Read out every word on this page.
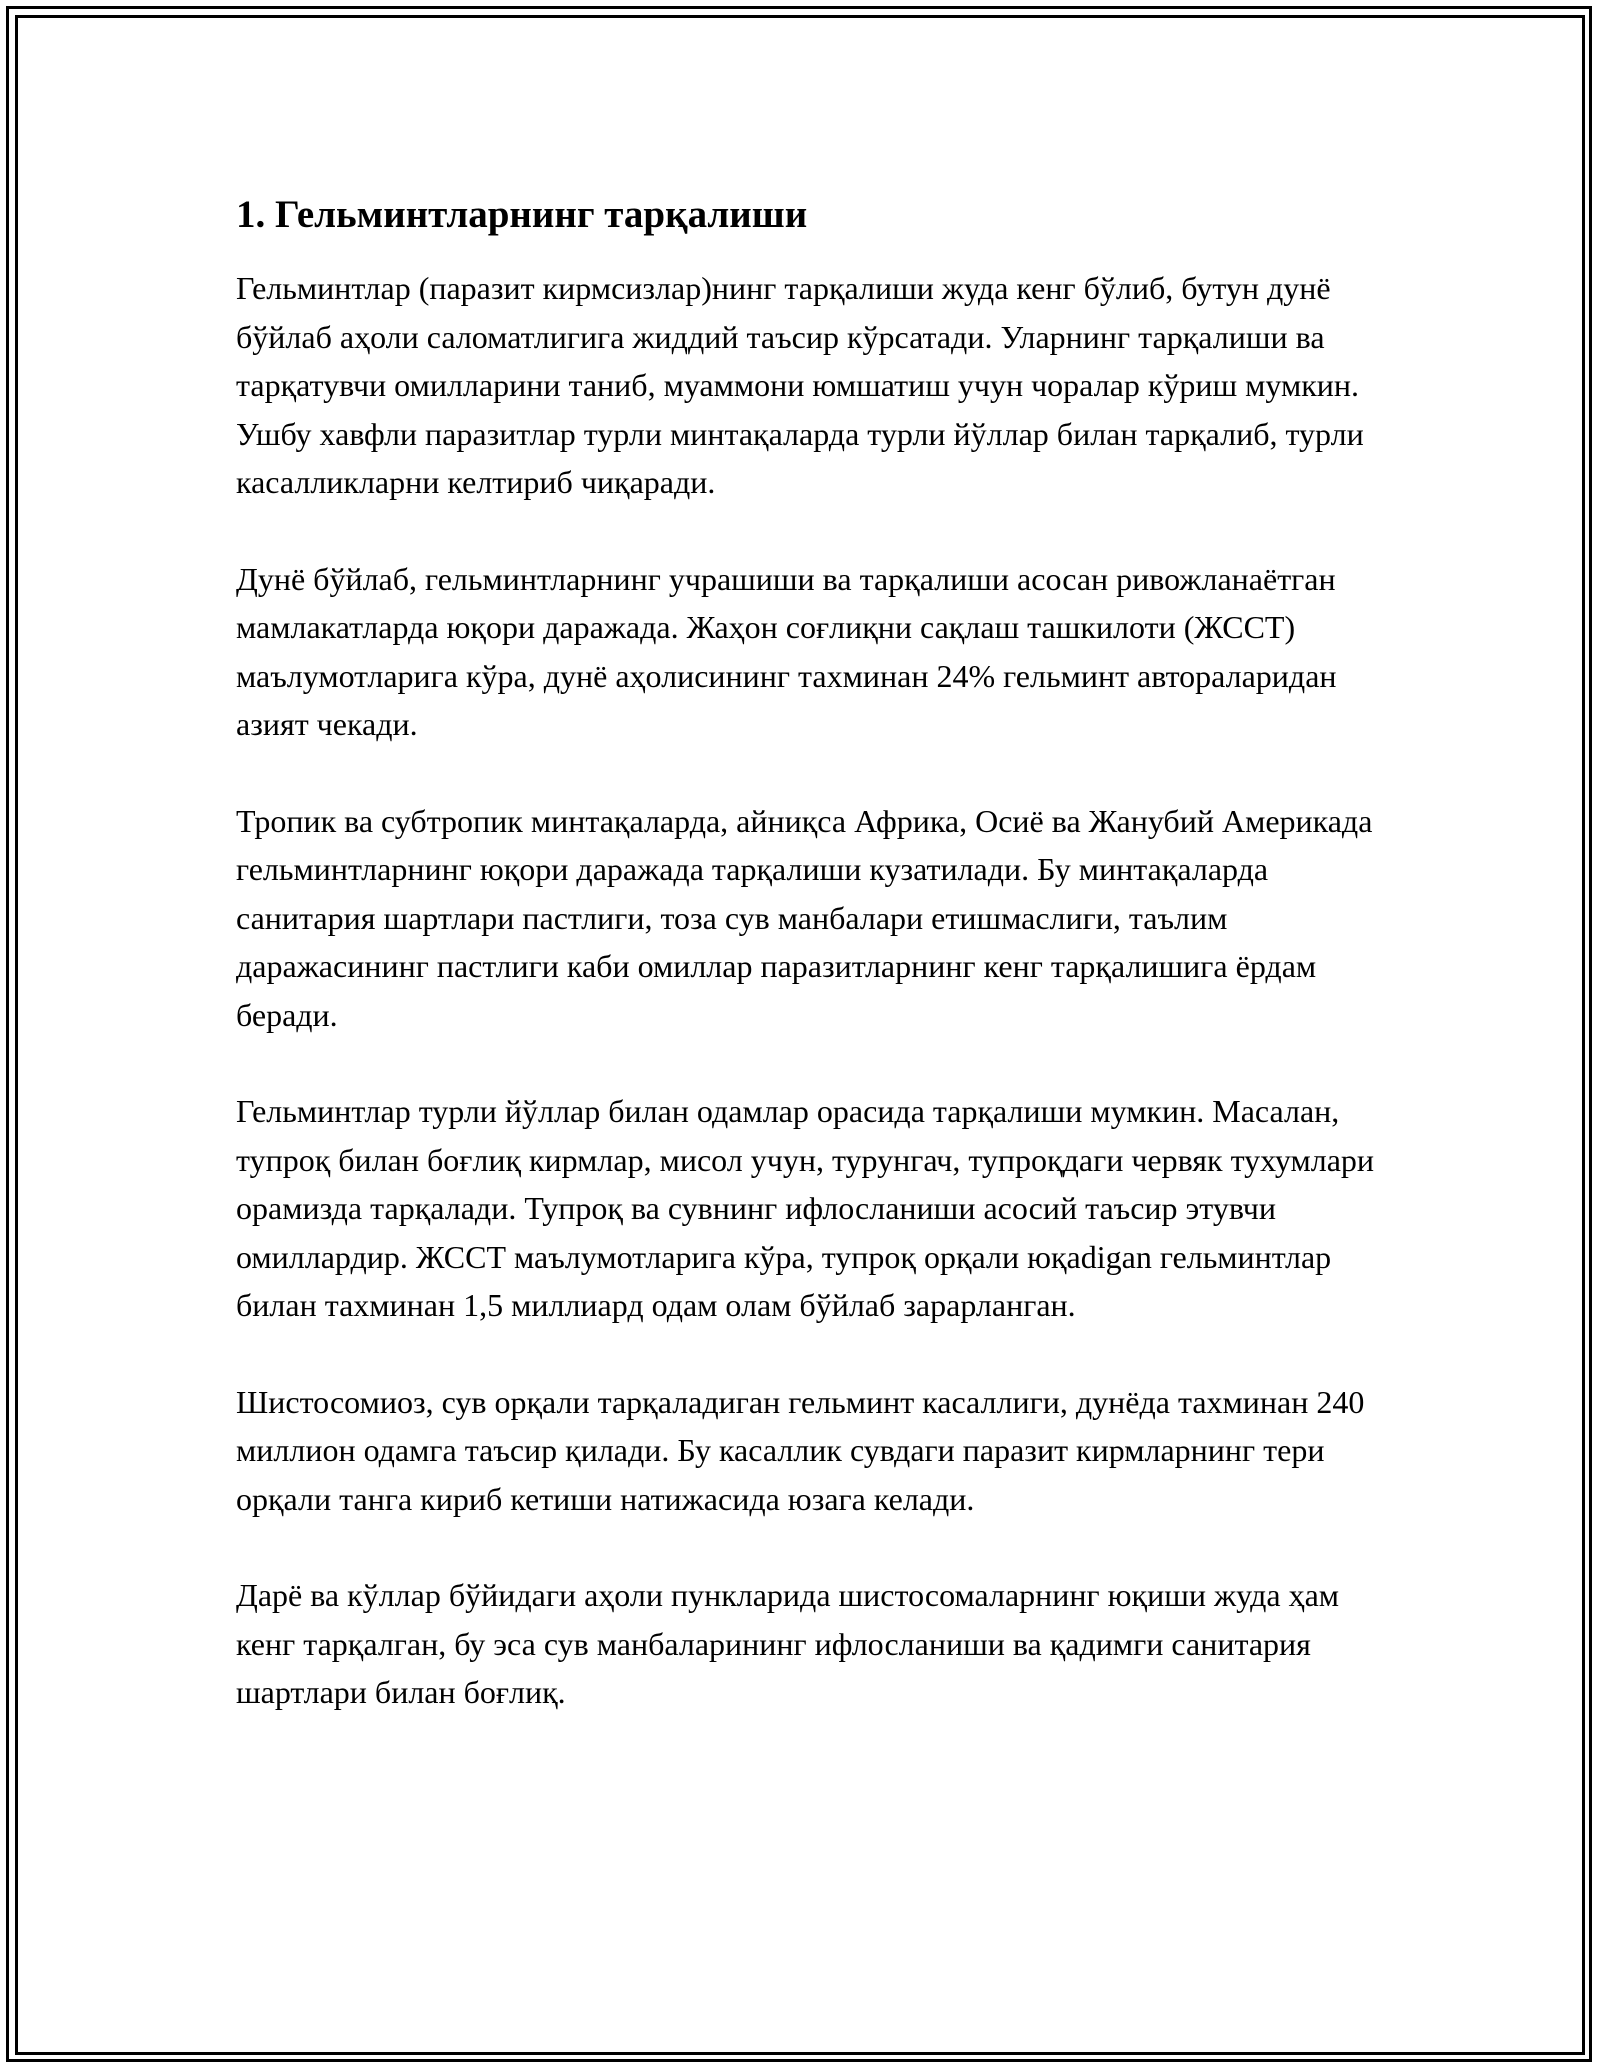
1. Гельминтларнинг тарқалиши

Гельминтлар (паразит кирмсизлар)нинг тарқалиши жуда кенг бўлиб, бутун дунё бўйлаб аҳоли саломатлигига жиддий таъсир кўрсатади. Уларнинг тарқалиши ва тарқатувчи омилларини таниб, муаммони юмшатиш учун чоралар кўриш мумкин. Ушбу хавфли паразитлар турли минтақаларда турли йўллар билан тарқалиб, турли касалликларни келтириб чиқаради.

Дунё бўйлаб, гельминтларнинг учрашиши ва тарқалиши асосан ривожланаётган мамлакатларда юқори даражада. Жаҳон соғлиқни сақлаш ташкилоти (ЖССТ) маълумотларига кўра, дунё аҳолисининг тахминан 24% гельминт автораларидан азият чекади.

Тропик ва субтропик минтақаларда, айниқса Африка, Осиё ва Жанубий Америкада гельминтларнинг юқори даражада тарқалиши кузатилади. Бу минтақаларда санитария шартлари пастлиги, тоза сув манбалари етишмаслиги, таълим даражасининг пастлиги каби омиллар паразитларнинг кенг тарқалишига ёрдам беради.

Гельминтлар турли йўллар билан одамлар орасида тарқалиши мумкин. Масалан, тупроқ билан боғлиқ кирмлар, мисол учун, турунгач, тупроқдаги червяк тухумлари орамизда тарқалади. Тупроқ ва сувнинг ифлосланиши асосий таъсир этувчи омиллардир. ЖССТ маълумотларига кўра, тупроқ орқали юқadigan гельминтлар билан тахминан 1,5 миллиард одам олам бўйлаб зарарланган.

Шистосомиоз, сув орқали тарқаладиган гельминт касаллиги, дунёда тахминан 240 миллион одамга таъсир қилади. Бу касаллик сувдаги паразит кирмларнинг тери орқали танга кириб кетиши натижасида юзага келади.

Дарё ва кўллар бўйидаги аҳоли пункларида шистосомаларнинг юқиши жуда ҳам кенг тарқалган, бу эса сув манбаларининг ифлосланиши ва қадимги санитария шартлари билан боғлиқ.
